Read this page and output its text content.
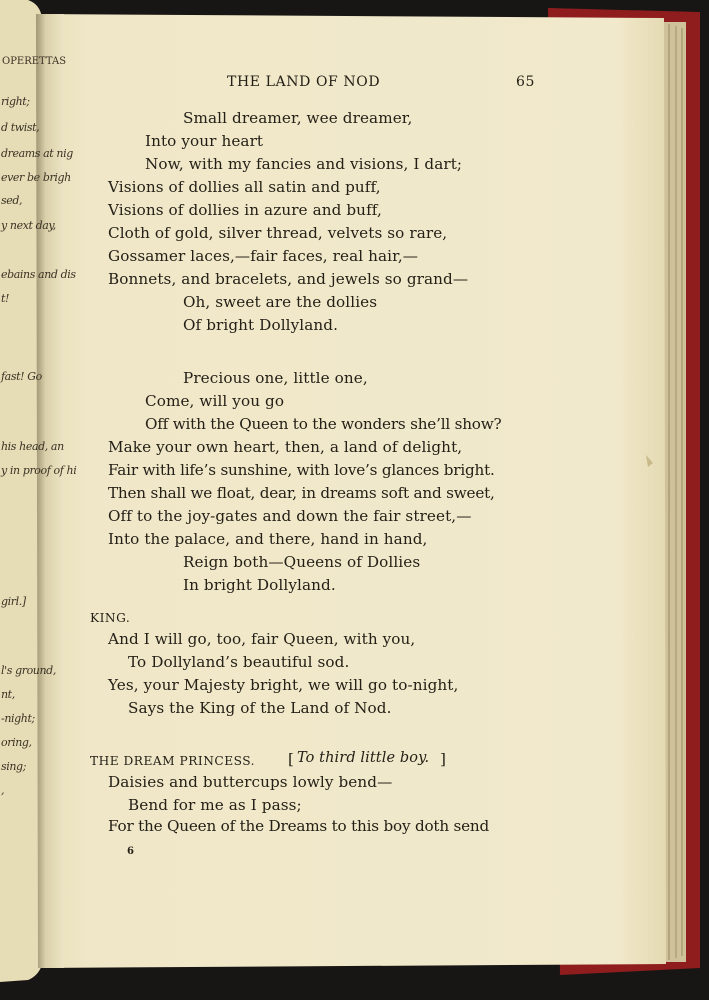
OPERETTAS
right;
d twist,
dreams at nig
ever be brigh
sed,
y next day,
ebains and dis
t!
fast! Go
his head, an
y in proof of hi
girl.]
l's ground,
nt,
-night;
oring,
sing;
,
THE LAND OF NOD	65
Small dreamer, wee dreamer,
Into your heart
Now, with my fancies and visions, I dart;
Visions of dollies all satin and puff,
Visions of dollies in azure and buff,
Cloth of gold, silver thread, velvets so rare,
Gossamer laces,—fair faces, real hair,—
Bonnets, and bracelets, and jewels so grand—
Oh, sweet are the dollies
Of bright Dollyland.
Precious one, little one,
Come, will you go
Off with the Queen to the wonders she’ll show?
Make your own heart, then, a land of delight,
Fair with life’s sunshine, with love’s glances bright.
Then shall we float, dear, in dreams soft and sweet,
Off to the joy-gates and down the fair street,—
Into the palace, and there, hand in hand,
Reign both—Queens of Dollies
In bright Dollyland.
KING.
And I will go, too, fair Queen, with you,
To Dollyland’s beautiful sod.
Yes, your Majesty bright, we will go to-night,
Says the King of the Land of Nod.
THE DREAM PRINCESS. [ To third little boy. ]
Daisies and buttercups lowly bend—
Bend for me as I pass;
For the Queen of the Dreams to this boy doth send
6
